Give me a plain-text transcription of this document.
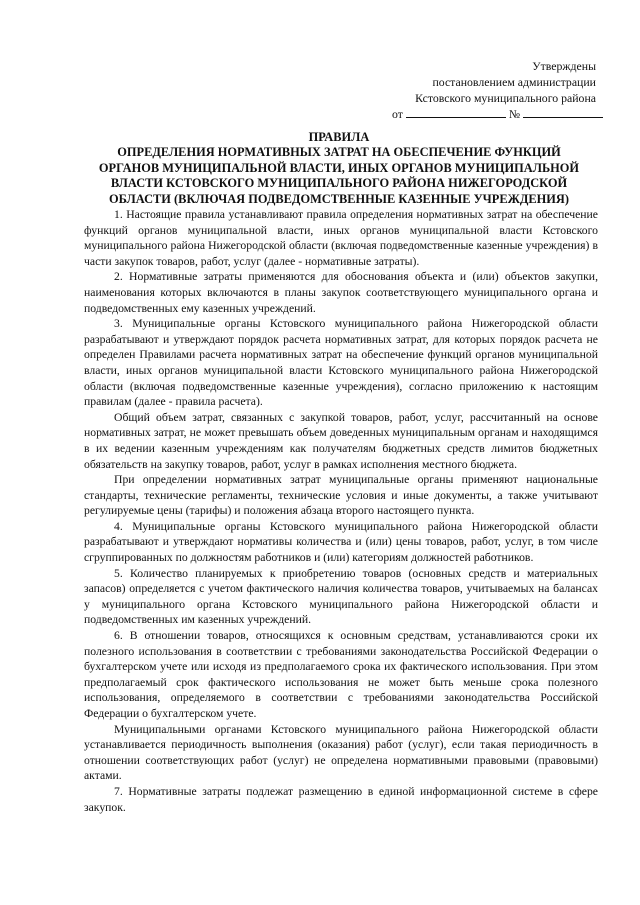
Утверждены
постановлением администрации
Кстовского муниципального района
от	№
ПРАВИЛА
ОПРЕДЕЛЕНИЯ НОРМАТИВНЫХ ЗАТРАТ НА ОБЕСПЕЧЕНИЕ ФУНКЦИЙ
ОРГАНОВ МУНИЦИПАЛЬНОЙ ВЛАСТИ, ИНЫХ ОРГАНОВ МУНИЦИПАЛЬНОЙ
ВЛАСТИ КСТОВСКОГО МУНИЦИПАЛЬНОГО РАЙОНА НИЖЕГОРОДСКОЙ
ОБЛАСТИ (ВКЛЮЧАЯ ПОДВЕДОМСТВЕННЫЕ КАЗЕННЫЕ УЧРЕЖДЕНИЯ)

1. Настоящие правила устанавливают правила определения нормативных затрат на обеспечение функций органов муниципальной власти, иных органов муниципальной власти Кстовского муниципального района Нижегородской области (включая подведомственные казенные учреждения) в части закупок товаров, работ, услуг (далее - нормативные затраты).

2. Нормативные затраты применяются для обоснования объекта и (или) объектов закупки, наименования которых включаются в планы закупок соответствующего муниципального органа и подведомственных ему казенных учреждений.

3. Муниципальные органы Кстовского муниципального района Нижегородской области разрабатывают и утверждают порядок расчета нормативных затрат, для которых порядок расчета не определен Правилами расчета нормативных затрат на обеспечение функций органов муниципальной власти, иных органов муниципальной власти Кстовского муниципального района Нижегородской области (включая подведомственные казенные учреждения), согласно приложению к настоящим правилам (далее - правила расчета).

Общий объем затрат, связанных с закупкой товаров, работ, услуг, рассчитанный на основе нормативных затрат, не может превышать объем доведенных муниципальным органам и находящимся в их ведении казенным учреждениям как получателям бюджетных средств лимитов бюджетных обязательств на закупку товаров, работ, услуг в рамках исполнения местного бюджета.

При определении нормативных затрат муниципальные органы применяют национальные стандарты, технические регламенты, технические условия и иные документы, а также учитывают регулируемые цены (тарифы) и положения абзаца второго настоящего пункта.

4. Муниципальные органы Кстовского муниципального района Нижегородской области разрабатывают и утверждают нормативы количества и (или) цены товаров, работ, услуг, в том числе сгруппированных по должностям работников и (или) категориям должностей работников.

5. Количество планируемых к приобретению товаров (основных средств и материальных запасов) определяется с учетом фактического наличия количества товаров, учитываемых на балансах у муниципального органа Кстовского муниципального района Нижегородской области и подведомственных им казенных учреждений.

6. В отношении товаров, относящихся к основным средствам, устанавливаются сроки их полезного использования в соответствии с требованиями законодательства Российской Федерации о бухгалтерском учете или исходя из предполагаемого срока их фактического использования. При этом предполагаемый срок фактического использования не может быть меньше срока полезного использования, определяемого в соответствии с требованиями законодательства Российской Федерации о бухгалтерском учете.

Муниципальными органами Кстовского муниципального района Нижегородской области устанавливается периодичность выполнения (оказания) работ (услуг), если такая периодичность в отношении соответствующих работ (услуг) не определена нормативными правовыми (правовыми) актами.

7. Нормативные затраты подлежат размещению в единой информационной системе в сфере закупок.
